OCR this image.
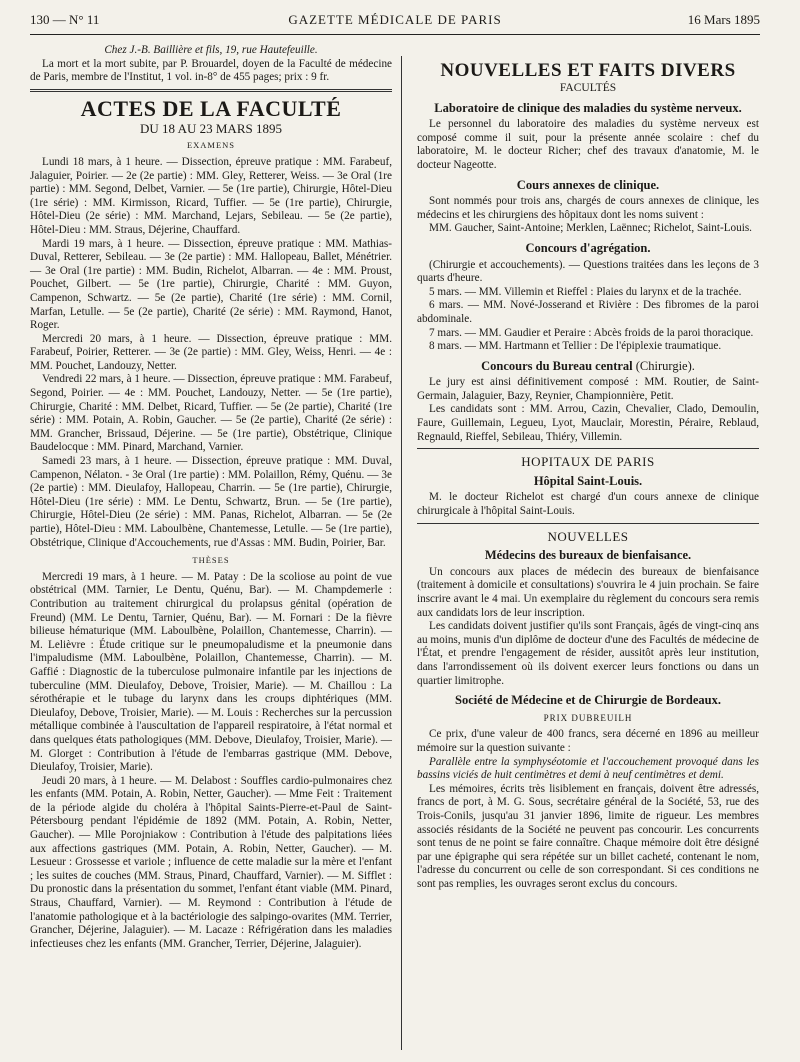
130 — N° 11	GAZETTE MÉDICALE DE PARIS	16 Mars 1895

Chez J.-B. Baillière et fils, 19, rue Hautefeuille.

La mort et la mort subite, par P. Brouardel, doyen de la Faculté de médecine de Paris, membre de l'Institut, 1 vol. in-8° de 455 pages; prix : 9 fr.

ACTES DE LA FACULTÉ

DU 18 AU 23 MARS 1895

EXAMENS

Lundi 18 mars, à 1 heure. — Dissection, épreuve pratique : MM. Farabeuf, Jalaguier, Poirier. — 2e (2e partie) : MM. Gley, Retterer, Weiss. — 3e Oral (1re partie) : MM. Segond, Delbet, Varnier. — 5e (1re partie), Chirurgie, Hôtel-Dieu (1re série) : MM. Kirmisson, Ricard, Tuffier. — 5e (1re partie), Chirurgie, Hôtel-Dieu (2e série) : MM. Marchand, Lejars, Sebileau. — 5e (2e partie), Hôtel-Dieu : MM. Straus, Déjerine, Chauffard.

Mardi 19 mars, à 1 heure. — Dissection, épreuve pratique : MM. Mathias-Duval, Retterer, Sebileau. — 3e (2e partie) : MM. Hallopeau, Ballet, Ménétrier. — 3e Oral (1re partie) : MM. Budin, Richelot, Albarran. — 4e : MM. Proust, Pouchet, Gilbert. — 5e (1re partie), Chirurgie, Charité : MM. Guyon, Campenon, Schwartz. — 5e (2e partie), Charité (1re série) : MM. Cornil, Marfan, Letulle. — 5e (2e partie), Charité (2e série) : MM. Raymond, Hanot, Roger.

Mercredi 20 mars, à 1 heure. — Dissection, épreuve pratique : MM. Farabeuf, Poirier, Retterer. — 3e (2e partie) : MM. Gley, Weiss, Henri. — 4e : MM. Pouchet, Landouzy, Netter.

Vendredi 22 mars, à 1 heure. — Dissection, épreuve pratique : MM. Farabeuf, Segond, Poirier. — 4e : MM. Pouchet, Landouzy, Netter. — 5e (1re partie), Chirurgie, Charité : MM. Delbet, Ricard, Tuffier. — 5e (2e partie), Charité (1re série) : MM. Potain, A. Robin, Gaucher. — 5e (2e partie), Charité (2e série) : MM. Grancher, Brissaud, Déjerine. — 5e (1re partie), Obstétrique, Clinique Baudelocque : MM. Pinard, Marchand, Varnier.

Samedi 23 mars, à 1 heure. — Dissection, épreuve pratique : MM. Duval, Campenon, Nélaton. - 3e Oral (1re partie) : MM. Polaillon, Rémy, Quénu. — 3e (2e partie) : MM. Dieulafoy, Hallopeau, Charrin. — 5e (1re partie), Chirurgie, Hôtel-Dieu (1re série) : MM. Le Dentu, Schwartz, Brun. — 5e (1re partie), Chirurgie, Hôtel-Dieu (2e série) : MM. Panas, Richelot, Albarran. — 5e (2e partie), Hôtel-Dieu : MM. Laboulbène, Chantemesse, Letulle. — 5e (1re partie), Obstétrique, Clinique d'Accouchements, rue d'Assas : MM. Budin, Poirier, Bar.

THÈSES

Mercredi 19 mars, à 1 heure. — M. Patay : De la scoliose au point de vue obstétrical (MM. Tarnier, Le Dentu, Quénu, Bar). — M. Champdemerle : Contribution au traitement chirurgical du prolapsus génital (opération de Freund) (MM. Le Dentu, Tarnier, Quénu, Bar). — M. Fornari : De la fièvre bilieuse hématurique (MM. Laboulbène, Polaillon, Chantemesse, Charrin). — M. Lelièvre : Étude critique sur le pneumopaludisme et la pneumonie dans l'impaludisme (MM. Laboulbène, Polaillon, Chantemesse, Charrin). — M. Gaffié : Diagnostic de la tuberculose pulmonaire infantile par les injections de tuberculine (MM. Dieulafoy, Debove, Troisier, Marie). — M. Chaillou : La sérothérapie et le tubage du larynx dans les croups diphtériques (MM. Dieulafoy, Debove, Troisier, Marie). — M. Louis : Recherches sur la percussion métallique combinée à l'auscultation de l'appareil respiratoire, à l'état normal et dans quelques états pathologiques (MM. Debove, Dieulafoy, Troisier, Marie). — M. Glorget : Contribution à l'étude de l'embarras gastrique (MM. Debove, Dieulafoy, Troisier, Marie).

Jeudi 20 mars, à 1 heure. — M. Delabost : Souffles cardio-pulmonaires chez les enfants (MM. Potain, A. Robin, Netter, Gaucher). — Mme Feit : Traitement de la période algide du choléra à l'hôpital Saints-Pierre-et-Paul de Saint-Pétersbourg pendant l'épidémie de 1892 (MM. Potain, A. Robin, Netter, Gaucher). — Mlle Porojniakow : Contribution à l'étude des palpitations liées aux affections gastriques (MM. Potain, A. Robin, Netter, Gaucher). — M. Lesueur : Grossesse et variole ; influence de cette maladie sur la mère et l'enfant ; les suites de couches (MM. Straus, Pinard, Chauffard, Varnier). — M. Sifflet : Du pronostic dans la présentation du sommet, l'enfant étant viable (MM. Pinard, Straus, Chauffard, Varnier). — M. Reymond : Contribution à l'étude de l'anatomie pathologique et à la bactériologie des salpingo-ovarites (MM. Terrier, Grancher, Déjerine, Jalaguier). — M. Lacaze : Réfrigération dans les maladies infectieuses chez les enfants (MM. Grancher, Terrier, Déjerine, Jalaguier).

NOUVELLES ET FAITS DIVERS

FACULTÉS

Laboratoire de clinique des maladies du système nerveux.

Le personnel du laboratoire des maladies du système nerveux est composé comme il suit, pour la présente année scolaire : chef du laboratoire, M. le docteur Richer; chef des travaux d'anatomie, M. le docteur Nageotte.

Cours annexes de clinique.

Sont nommés pour trois ans, chargés de cours annexes de clinique, les médecins et les chirurgiens des hôpitaux dont les noms suivent :

MM. Gaucher, Saint-Antoine; Merklen, Laënnec; Richelot, Saint-Louis.

Concours d'agrégation.

(Chirurgie et accouchements). — Questions traitées dans les leçons de 3 quarts d'heure.

5 mars. — MM. Villemin et Rieffel : Plaies du larynx et de la trachée.

6 mars. — MM. Nové-Josserand et Rivière : Des fibromes de la paroi abdominale.

7 mars. — MM. Gaudier et Peraire : Abcès froids de la paroi thoracique.

8 mars. — MM. Hartmann et Tellier : De l'épiplexie traumatique.

Concours du Bureau central (Chirurgie).

Le jury est ainsi définitivement composé : MM. Routier, de Saint-Germain, Jalaguier, Bazy, Reynier, Championnière, Petit.

Les candidats sont : MM. Arrou, Cazin, Chevalier, Clado, Demoulin, Faure, Guillemain, Legueu, Lyot, Mauclair, Morestin, Péraire, Reblaud, Regnauld, Rieffel, Sebileau, Thiéry, Villemin.

HOPITAUX DE PARIS

Hôpital Saint-Louis.

M. le docteur Richelot est chargé d'un cours annexe de clinique chirurgicale à l'hôpital Saint-Louis.

NOUVELLES

Médecins des bureaux de bienfaisance.

Un concours aux places de médecin des bureaux de bienfaisance (traitement à domicile et consultations) s'ouvrira le 4 juin prochain. Se faire inscrire avant le 4 mai. Un exemplaire du règlement du concours sera remis aux candidats lors de leur inscription.

Les candidats doivent justifier qu'ils sont Français, âgés de vingt-cinq ans au moins, munis d'un diplôme de docteur d'une des Facultés de médecine de l'État, et prendre l'engagement de résider, aussitôt après leur institution, dans l'arrondissement où ils doivent exercer leurs fonctions ou dans un quartier limitrophe.

Société de Médecine et de Chirurgie de Bordeaux.

PRIX DUBREUILH

Ce prix, d'une valeur de 400 francs, sera décerné en 1896 au meilleur mémoire sur la question suivante :

Parallèle entre la symphyséotomie et l'accouchement provoqué dans les bassins viciés de huit centimètres et demi à neuf centimètres et demi.

Les mémoires, écrits très lisiblement en français, doivent être adressés, francs de port, à M. G. Sous, secrétaire général de la Société, 53, rue des Trois-Conils, jusqu'au 31 janvier 1896, limite de rigueur. Les membres associés résidants de la Société ne peuvent pas concourir. Les concurrents sont tenus de ne point se faire connaître. Chaque mémoire doit être désigné par une épigraphe qui sera répétée sur un billet cacheté, contenant le nom, l'adresse du concurrent ou celle de son correspondant. Si ces conditions ne sont pas remplies, les ouvrages seront exclus du concours.
